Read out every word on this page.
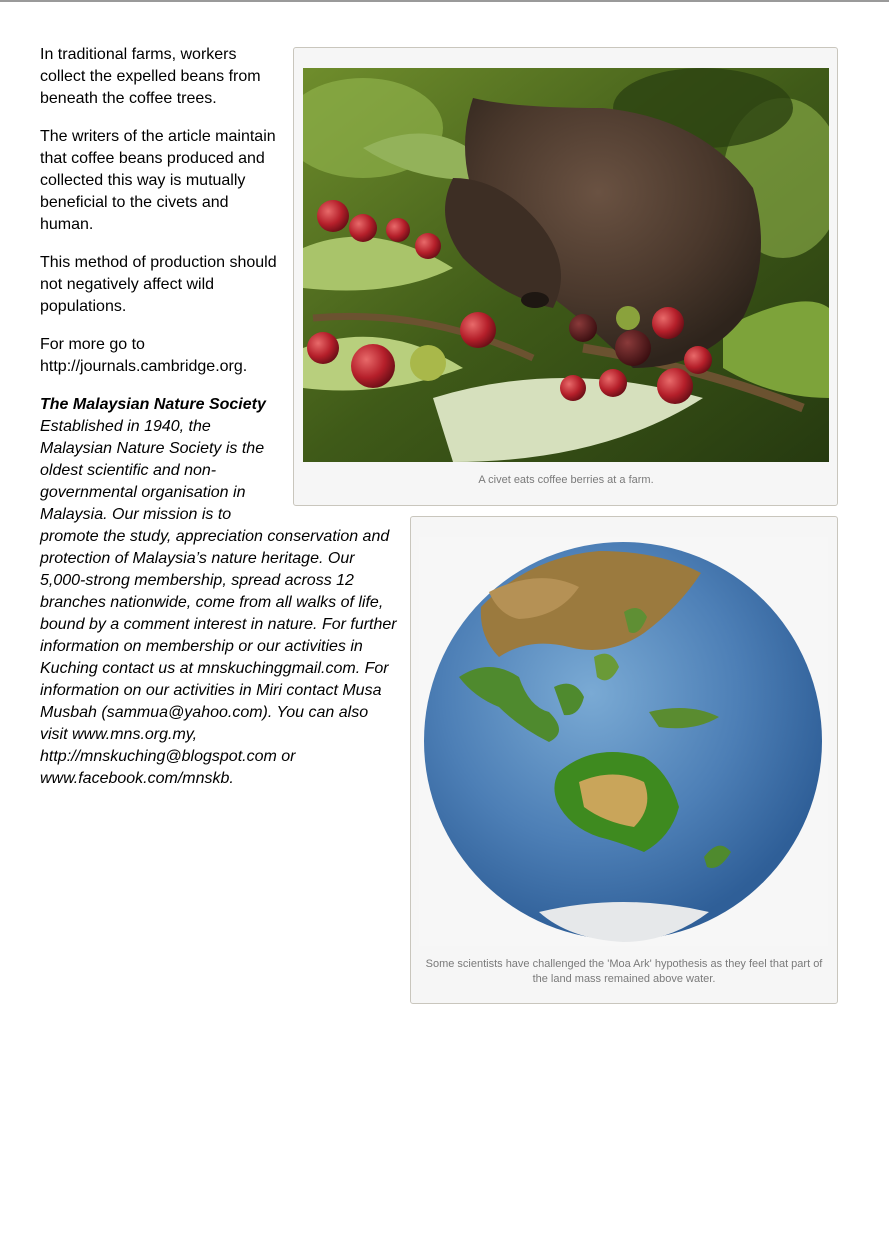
In traditional farms, workers collect the expelled beans from beneath the coffee trees.

The writers of the article maintain that coffee beans produced and collected this way is mutually beneficial to the civets and human.

This method of production should not negatively affect wild populations.

For more go to http://journals.cambridge.org.

The Malaysian Nature Society
Established in 1940, the Malaysian Nature Society is the oldest scientific and non-governmental organisation in Malaysia. Our mission is to
promote the study, appreciation conservation and protection of Malaysia’s nature heritage. Our 5,000-strong membership, spread across 12 branches nationwide, come from all walks of life, bound by a comment interest in nature. For further information on membership or our activities in Kuching contact us at mnskuchinggmail.com. For information on our activities in Miri contact Musa Musbah (sammua@yahoo.com). You can also visit www.mns.org.my, http://mnskuching@blogspot.com or www.facebook.com/mnskb.
A civet eats coffee berries at a farm.
Some scientists have challenged the 'Moa Ark' hypothesis as they feel that part of the land mass remained above water.
